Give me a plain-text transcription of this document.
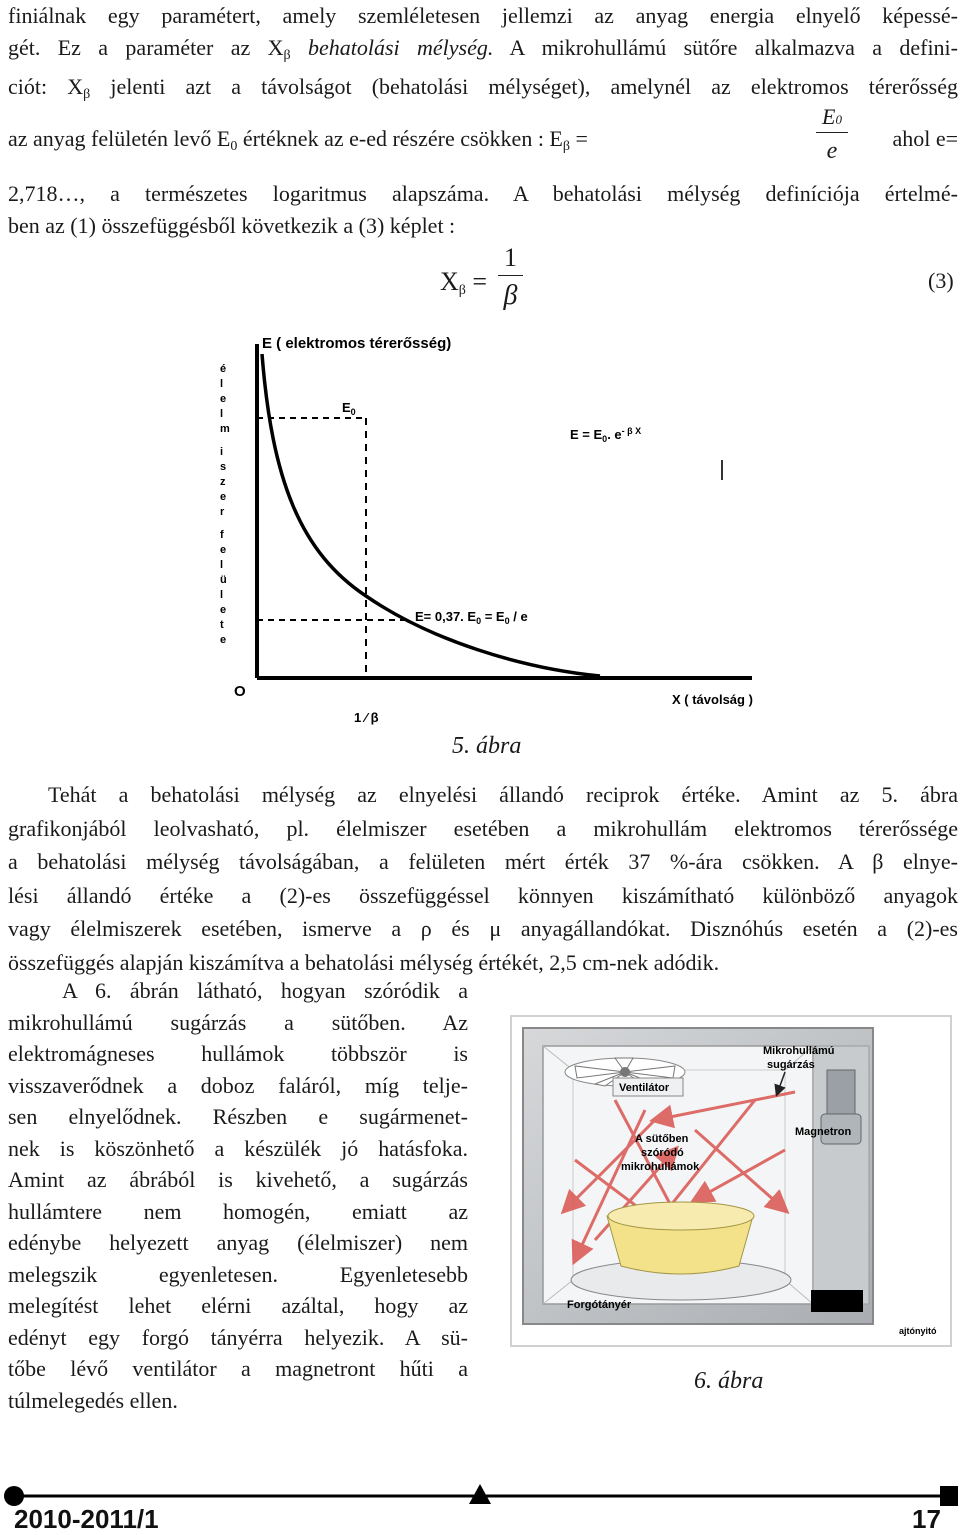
finiálnak egy paramétert, amely szemléletesen jellemzi az anyag energia elnyelő képessé-
gét. Ez a paraméter az $X_\beta$ behatolási mélység. A mikrohullámú sütőre alkalmazva a defini-
ciót: $X_\beta$ jelenti azt a távolságot (behatolási mélységet), amelynél az elektromos térerősség
az anyag felületén levő $E_0$ értéknek az e-ed részére csökken : $E_\beta$ =	$\frac{E0}{e}$ ahol e=
2,718…, a természetes logaritmus alapszáma. A behatolási mélység definíciója értelmé-
ben az (1) összefüggésből következik a (3) képlet :
$X_\beta = \frac{1}{\beta}$	(3)
E ( elektromos térerősség)
é
l
e
l
m
i
s
z
e
r
f
e
l
ü
l
e
t
e
$E_0$
$E = E_0$. $e^{- \beta X}$
E= 0,37. $E_0 = E_0 / e$
O
1 ⁄ β
X ( távolság )
5. ábra
Tehát a behatolási mélység az elnyelési állandó reciprok értéke. Amint az 5. ábra
grafikonjából leolvasható, pl. élelmiszer esetében a mikrohullám elektromos térerőssége
a behatolási mélység távolságában, a felületen mért érték 37 %-ára csökken. A β elnye-
lési állandó értéke a (2)-es összefüggéssel könnyen kiszámítható különböző anyagok
vagy élelmiszerek esetében, ismerve a ρ és μ anyagállandókat. Disznóhús esetén a (2)-es
összefüggés alapján kiszámítva a behatolási mélység értékét, 2,5 cm-nek adódik.
A 6. ábrán látható, hogyan szóródik a
mikrohullámú sugárzás a sütőben. Az
elektromágneses hullámok többször is
visszaverődnek a doboz faláról, míg telje-
sen elnyelődnek. Részben e sugármenet-
nek is köszönhető a készülék jó hatásfoka.
Amint az ábrából is kivehető, a sugárzás
hullámtere nem homogén, emiatt az
edénybe helyezett anyag (élelmiszer) nem
melegszik egyenletesen. Egyenletesebb
melegítést lehet elérni azáltal, hogy az
edényt egy forgó tányérra helyezik. A sü-
tőbe lévő ventilátor a magnetront hűti a
túlmelegedés ellen.
Ventilátor
Mikrohullámú
sugárzás
Magnetron
A sütőben
szóródó
mikrohullámok
Forgótányér
ajtónyitó
6. ábra
2010-2011/1	17
